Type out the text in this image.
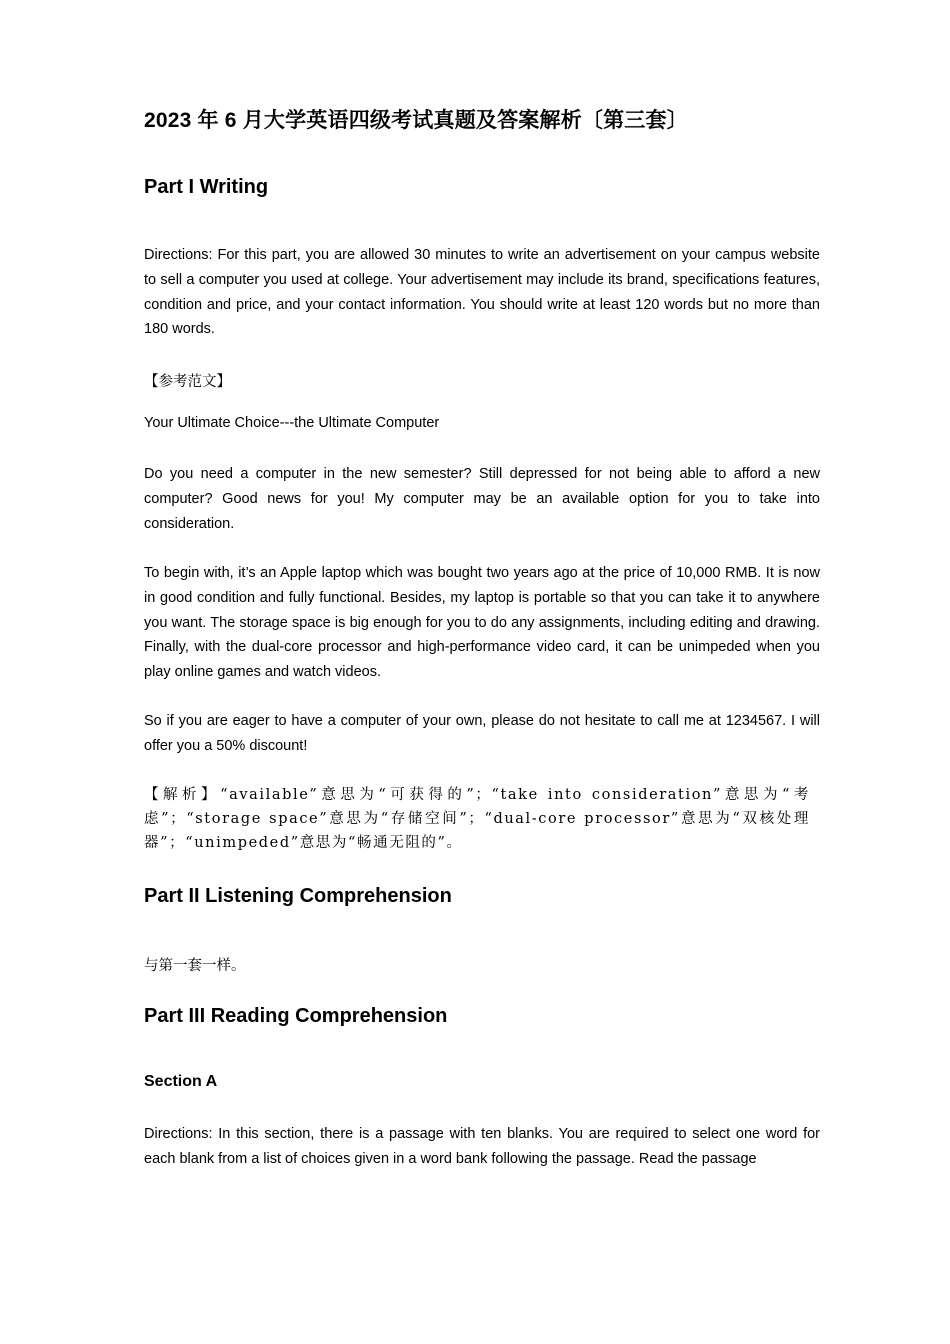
2023 年 6 月大学英语四级考试真题及答案解析〔第三套〕
Part I Writing
Directions: For this part, you are allowed 30 minutes to write an advertisement on your campus website to sell a computer you used at college. Your advertisement may include its brand, specifications features, condition and price, and your contact information. You should write at least 120 words but no more than 180 words.
【参考范文】
Your Ultimate Choice---the Ultimate Computer
Do you need a computer in the new semester? Still depressed for not being able to afford a new computer? Good news for you! My computer may be an available option for you to take into consideration.
To begin with, it’s an Apple laptop which was bought two years ago at the price of 10,000 RMB. It is now in good condition and fully functional. Besides, my laptop is portable so that you can take it to anywhere you want. The storage space is big enough for you to do any assignments, including editing and drawing. Finally, with the dual-core processor and high-performance video card, it can be unimpeded when you play online games and watch videos.
So if you are eager to have a computer of your own, please do not hesitate to call me at 1234567. I will offer you a 50% discount!
【解析】“available”意思为“可获得的”；“take into consideration”意思为“考虑”；“storage space”意思为“存储空间”；“dual-core processor”意思为“双核处理器”；“unimpeded”意思为“畅通无阻的”。
Part II Listening Comprehension
与第一套一样。
Part III Reading Comprehension
Section A
Directions: In this section, there is a passage with ten blanks. You are required to select one word for each blank from a list of choices given in a word bank following the passage. Read the passage
